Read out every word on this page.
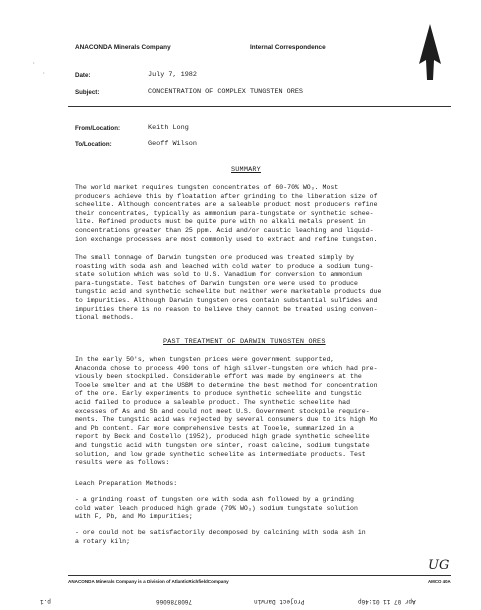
ANACONDA Minerals Company	Internal Correspondence
·
·	Date:	July 7, 1982
Subject:	CONCENTRATION OF COMPLEX TUNGSTEN ORES
From/Location:	Keith Long
To/Location:	Geoff Wilson
SUMMARY
The world market requires tungsten concentrates of 60-70% WO₃. Most
producers achieve this by floatation after grinding to the liberation size of
scheelite. Although concentrates are a saleable product most producers refine
their concentrates, typically as ammonium para-tungstate or synthetic schee-
lite. Refined products must be quite pure with no alkali metals present in
concentrations greater than 25 ppm. Acid and/or caustic leaching and liquid-
ion exchange processes are most commonly used to extract and refine tungsten.
The small tonnage of Darwin tungsten ore produced was treated simply by
roasting with soda ash and leached with cold water to produce a sodium tung-
state solution which was sold to U.S. Vanadium for conversion to ammonium
para-tungstate. Test batches of Darwin tungsten ore were used to produce
tungstic acid and synthetic scheelite but neither were marketable products due
to impurities. Although Darwin tungsten ores contain substantial sulfides and
impurities there is no reason to believe they cannot be treated using conven-
tional methods.
PAST TREATMENT OF DARWIN TUNGSTEN ORES
In the early 50's, when tungsten prices were government supported,
Anaconda chose to process 490 tons of high silver-tungsten ore which had pre-
viously been stockpiled. Considerable effort was made by engineers at the
Tooele smelter and at the USBM to determine the best method for concentration
of the ore. Early experiments to produce synthetic scheelite and tungstic
acid failed to produce a saleable product. The synthetic scheelite had
excesses of As and Sb and could not meet U.S. Government stockpile require-
ments. The tungstic acid was rejected by several consumers due to its high Mo
and Pb content. Far more comprehensive tests at Tooele, summarized in a
report by Beck and Costello (1952), produced high grade synthetic scheelite
and tungstic acid with tungsten ore sinter, roast calcine, sodium tungstate
solution, and low grade synthetic scheelite as intermediate products. Test
results were as follows:
Leach Preparation Methods:
- a grinding roast of tungsten ore with soda ash followed by a grinding
cold water leach produced high grade (79% WO₃) sodium tungstate solution
with F, Pb, and Mo impurities;
- ore could not be satisfactorily decomposed by calcining with soda ash in
a rotary kiln;
UG
ANACONDA Minerals Company is a Division of AtlanticRichfieldCompany	AMCO 40A
p.1	7608786066	Project Darwin	Apr 07 11 01:46p
